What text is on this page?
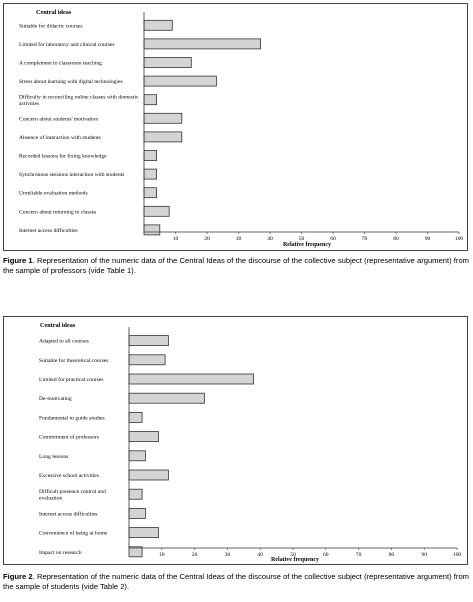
Central ideas
Suitable for didactic courses
Limited for laboratory and clinical courses
A complement to classroom teaching
Stress about learning with digital technologies
Difficulty in reconciling online classes with domestic activities
Concern about students' motivation
Absence of interaction with students
Recorded lessons for fixing knowledge
Synchronous sessions interaction with students
Unreliable evaluation methods
Concern about returning to classes
Internet access difficulties
10	20	30	40	50	60	70	80	90	100
Relative frequency
Figure 1. Representation of the numeric data of the Central Ideas of the discourse of the collective subject (representative argument) from the sample of professors (vide Table 1).
Central ideas
Adapted to all courses
Suitable for theoretical courses
Limited for practical courses
De-motivating
Fundamental to guide studies
Commitment of professors
Long lessons
Excessive school activities
Difficult presence control and evaluation
Internet access difficulties
Convenience of being at home
Impact on research	10	20	30	40	50	60	70	80	90	100
Relative frequency
Figure 2. Representation of the numeric data of the Central Ideas of the discourse of the collective subject (representative argument) from the sample of students (vide Table 2).
